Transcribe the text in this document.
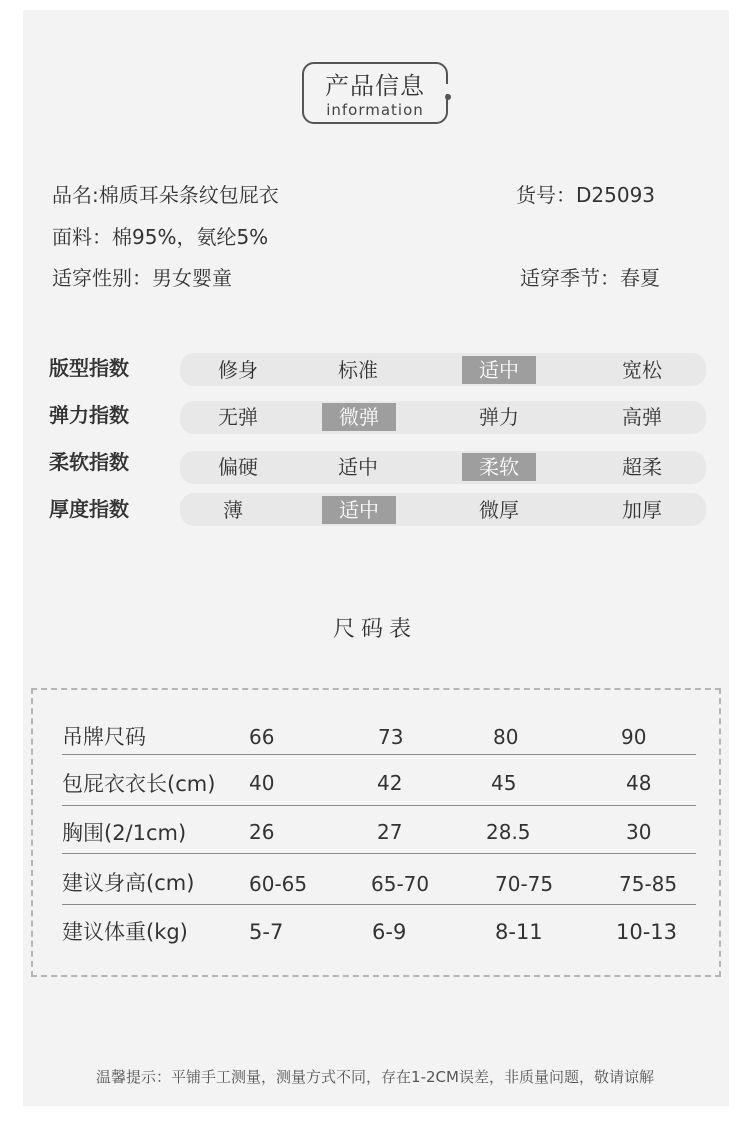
产品信息
information
品名:棉质耳朵条纹包屁衣	货号：D25093
面料：棉95%，氨纶5%
适穿性别：男女婴童	适穿季节：春夏
版型指数	修身	标准	适中	宽松
弹力指数	无弹	微弹	弹力	高弹
柔软指数	偏硬	适中	柔软	超柔
厚度指数	薄	适中	微厚	加厚
尺码表
吊牌尺码	66	73	80	90
包屁衣衣长(cm) 40	42	45	48
胸围(2/1cm)	26	27	28.5	30
建议身高(cm)	60-65	65-70	70-75	75-85
建议体重(kg)	5-7	6-9	8-11	10-13
温馨提示：平铺手工测量，测量方式不同，存在1-2CM误差，非质量问题，敬请谅解
